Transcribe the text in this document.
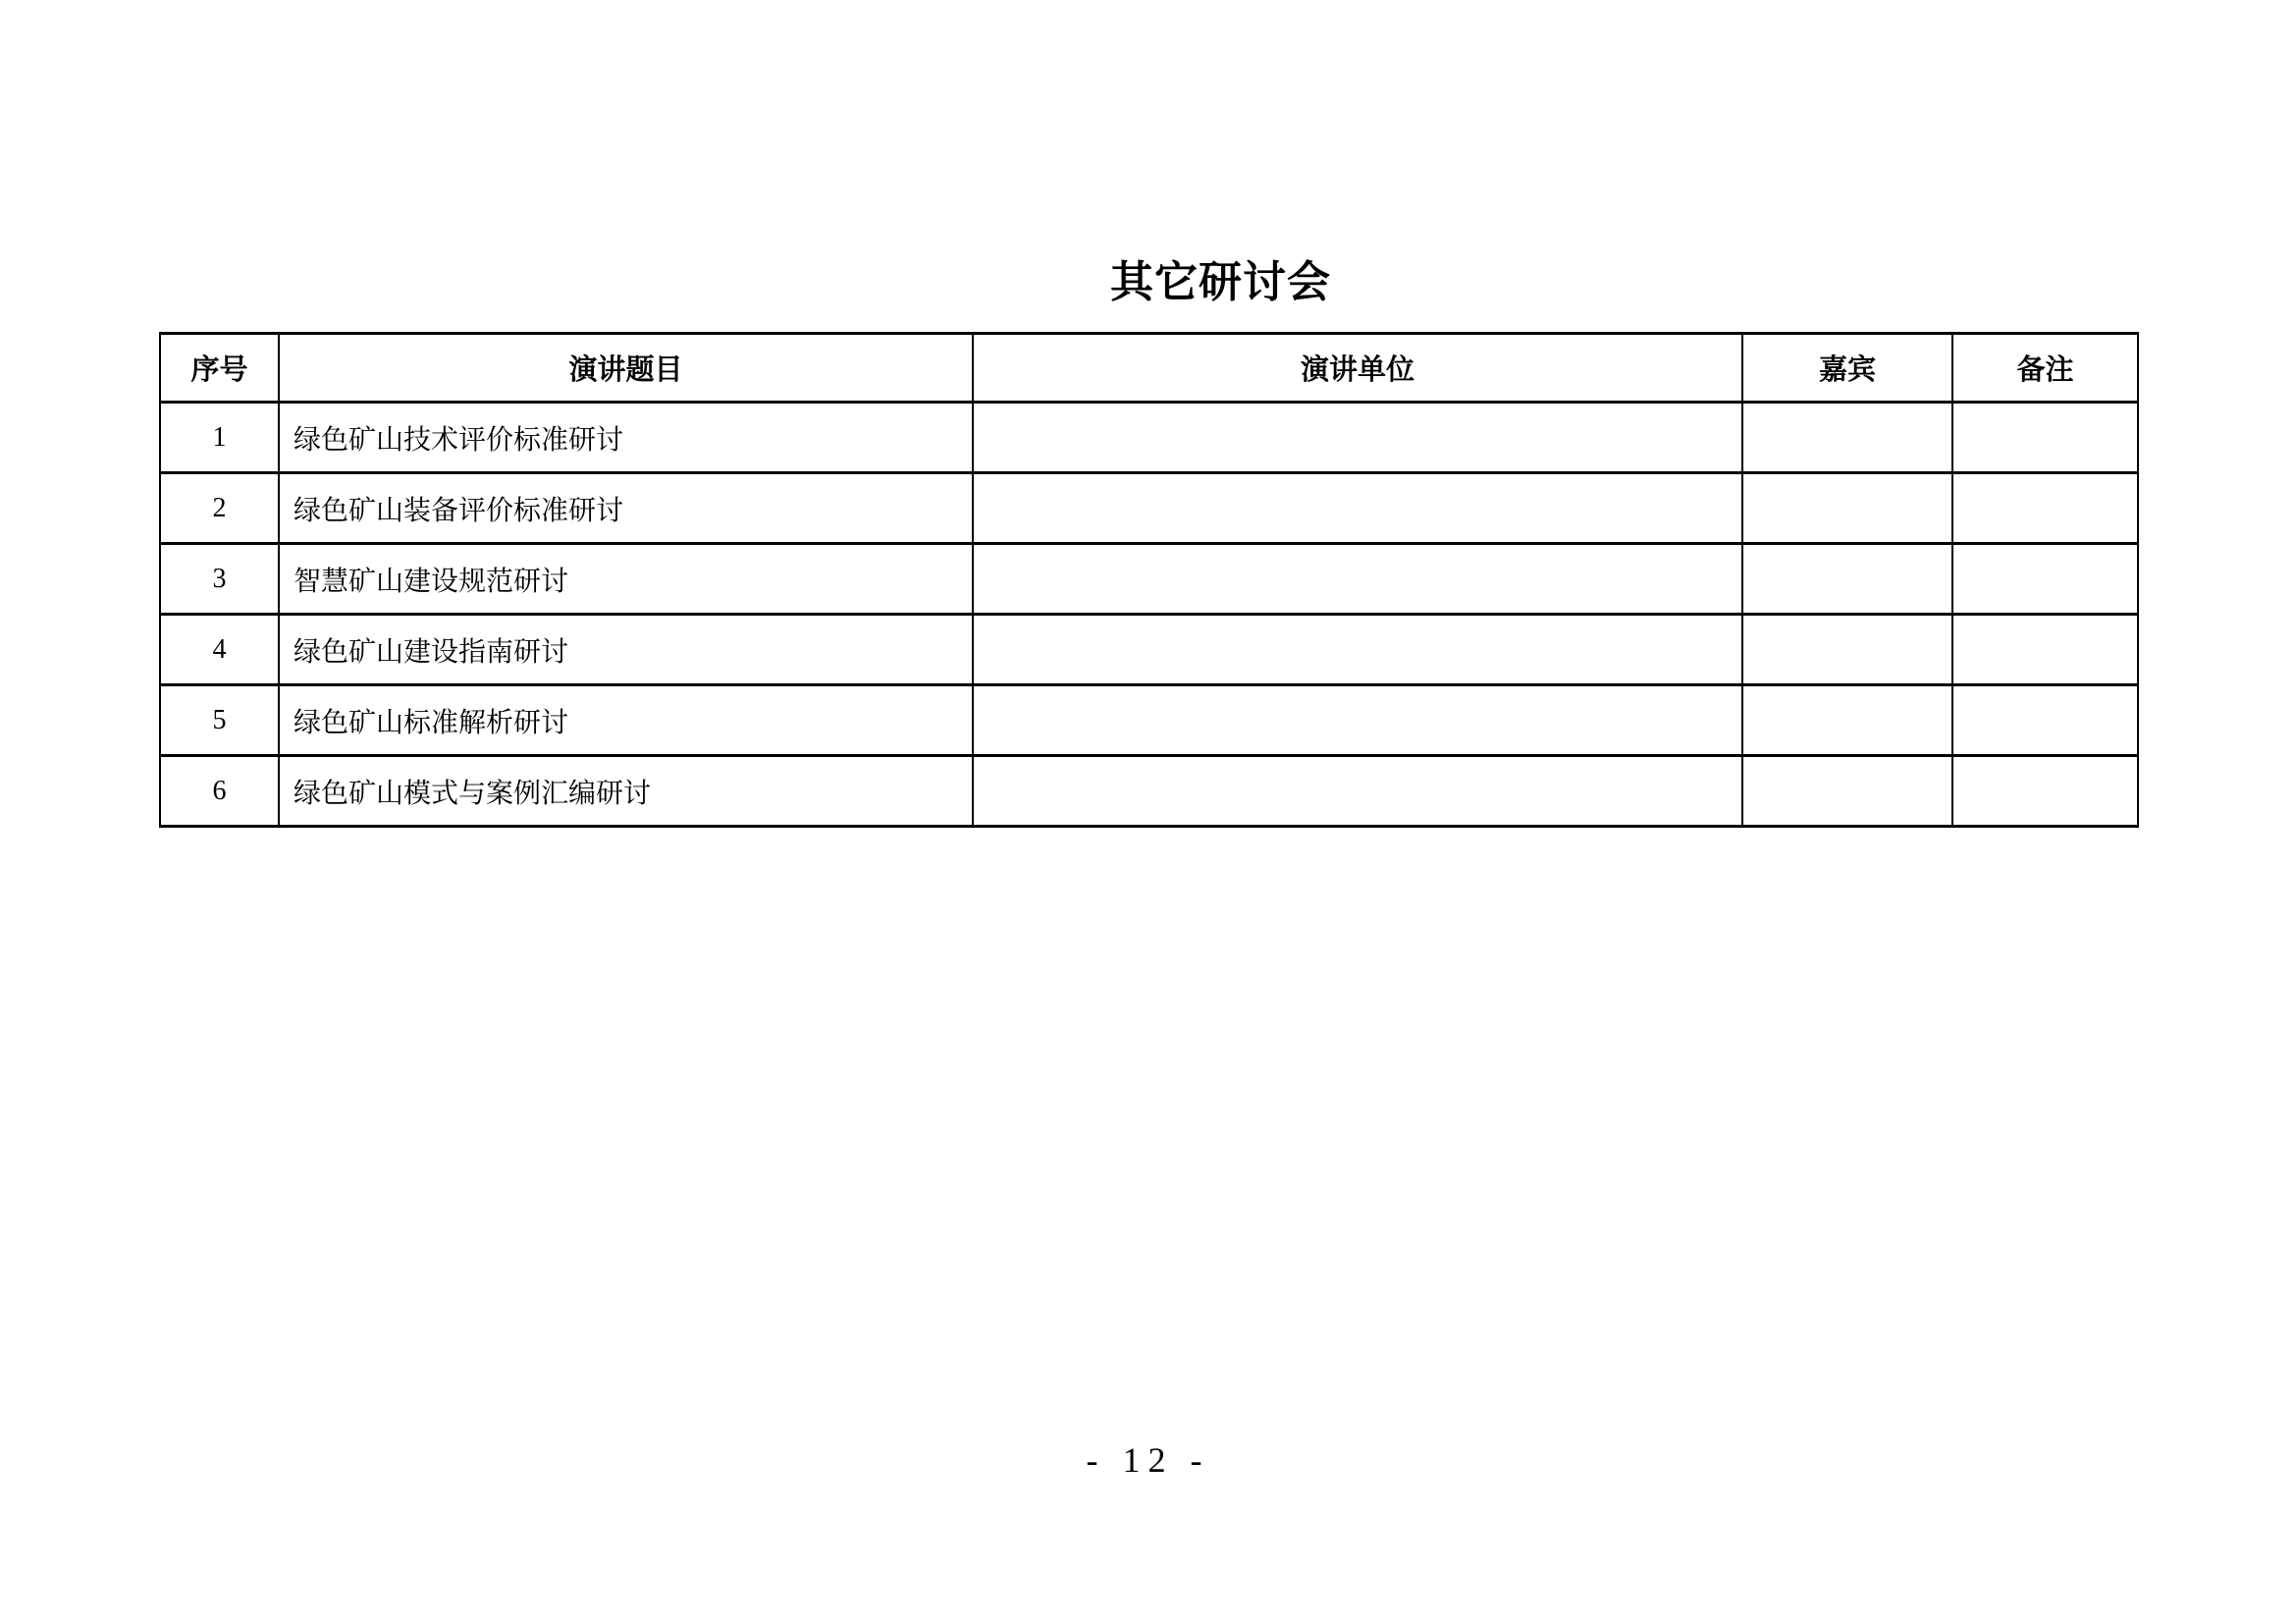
其它研讨会
序号	演讲题目	演讲单位	嘉宾	备注
1	绿色矿山技术评价标准研讨			
2	绿色矿山装备评价标准研讨			
3	智慧矿山建设规范研讨			
4	绿色矿山建设指南研讨			
5	绿色矿山标准解析研讨			
6	绿色矿山模式与案例汇编研讨			
- 12 -
